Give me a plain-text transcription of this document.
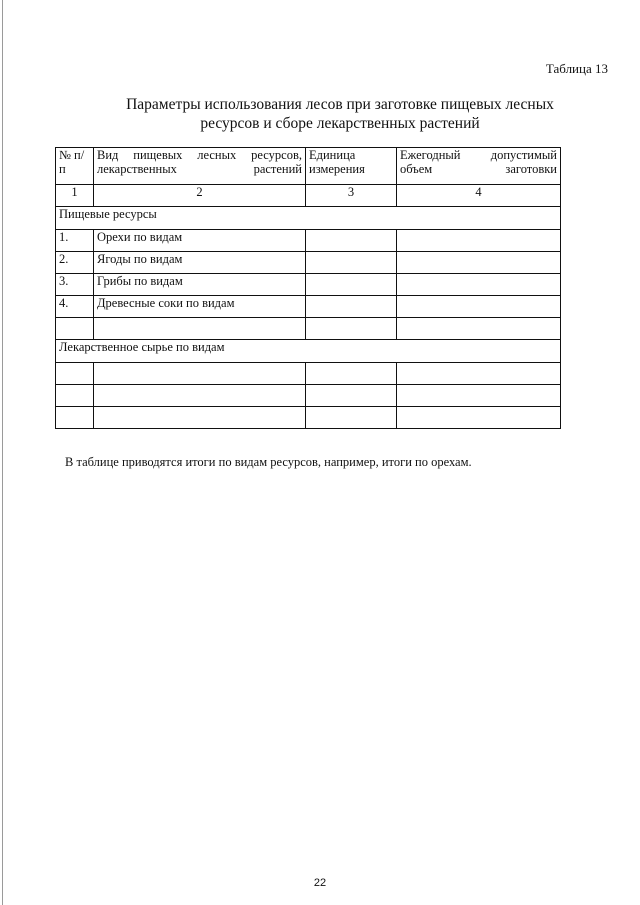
Таблица 13
Параметры использования лесов при заготовке пищевых лесных
ресурсов и сборе лекарственных растений
№ п/п	Вид пищевых лесных ресурсов, лекарственных растений	Единица измерения	Ежегодный допустимый объем заготовки
1	2	3	4
Пищевые ресурсы			
1.	Орехи по видам		
2.	Ягоды по видам		
3.	Грибы по видам		
4.	Древесные соки по видам		

Лекарственное сырье по видам			

В таблице приводятся итоги по видам ресурсов, например, итоги по орехам.
22
